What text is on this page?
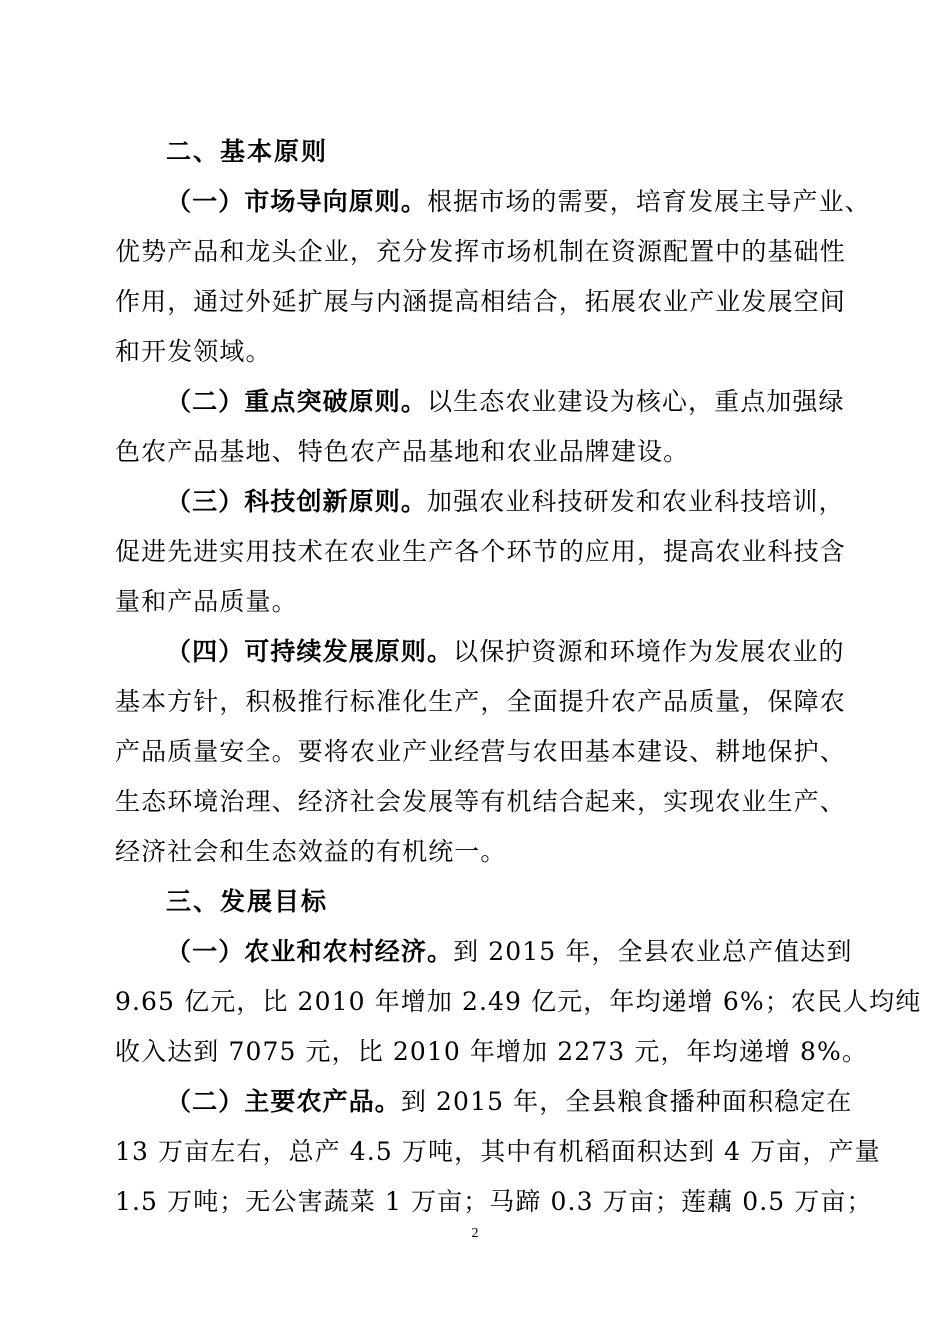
二、基本原则
（一）市场导向原则。根据市场的需要，培育发展主导产业、
优势产品和龙头企业，充分发挥市场机制在资源配置中的基础性
作用，通过外延扩展与内涵提高相结合，拓展农业产业发展空间
和开发领域。
（二）重点突破原则。以生态农业建设为核心，重点加强绿
色农产品基地、特色农产品基地和农业品牌建设。
（三）科技创新原则。加强农业科技研发和农业科技培训，
促进先进实用技术在农业生产各个环节的应用，提高农业科技含
量和产品质量。
（四）可持续发展原则。以保护资源和环境作为发展农业的
基本方针，积极推行标准化生产，全面提升农产品质量，保障农
产品质量安全。要将农业产业经营与农田基本建设、耕地保护、
生态环境治理、经济社会发展等有机结合起来，实现农业生产、
经济社会和生态效益的有机统一。
三、发展目标
（一）农业和农村经济。到 2015 年，全县农业总产值达到
9.65 亿元，比 2010 年增加 2.49 亿元，年均递增 6%；农民人均纯
收入达到 7075 元，比 2010 年增加 2273 元，年均递增 8%。
（二）主要农产品。到 2015 年，全县粮食播种面积稳定在
13 万亩左右，总产 4.5 万吨，其中有机稻面积达到 4 万亩，产量
1.5 万吨；无公害蔬菜 1 万亩；马蹄 0.3 万亩；莲藕 0.5 万亩；
2
